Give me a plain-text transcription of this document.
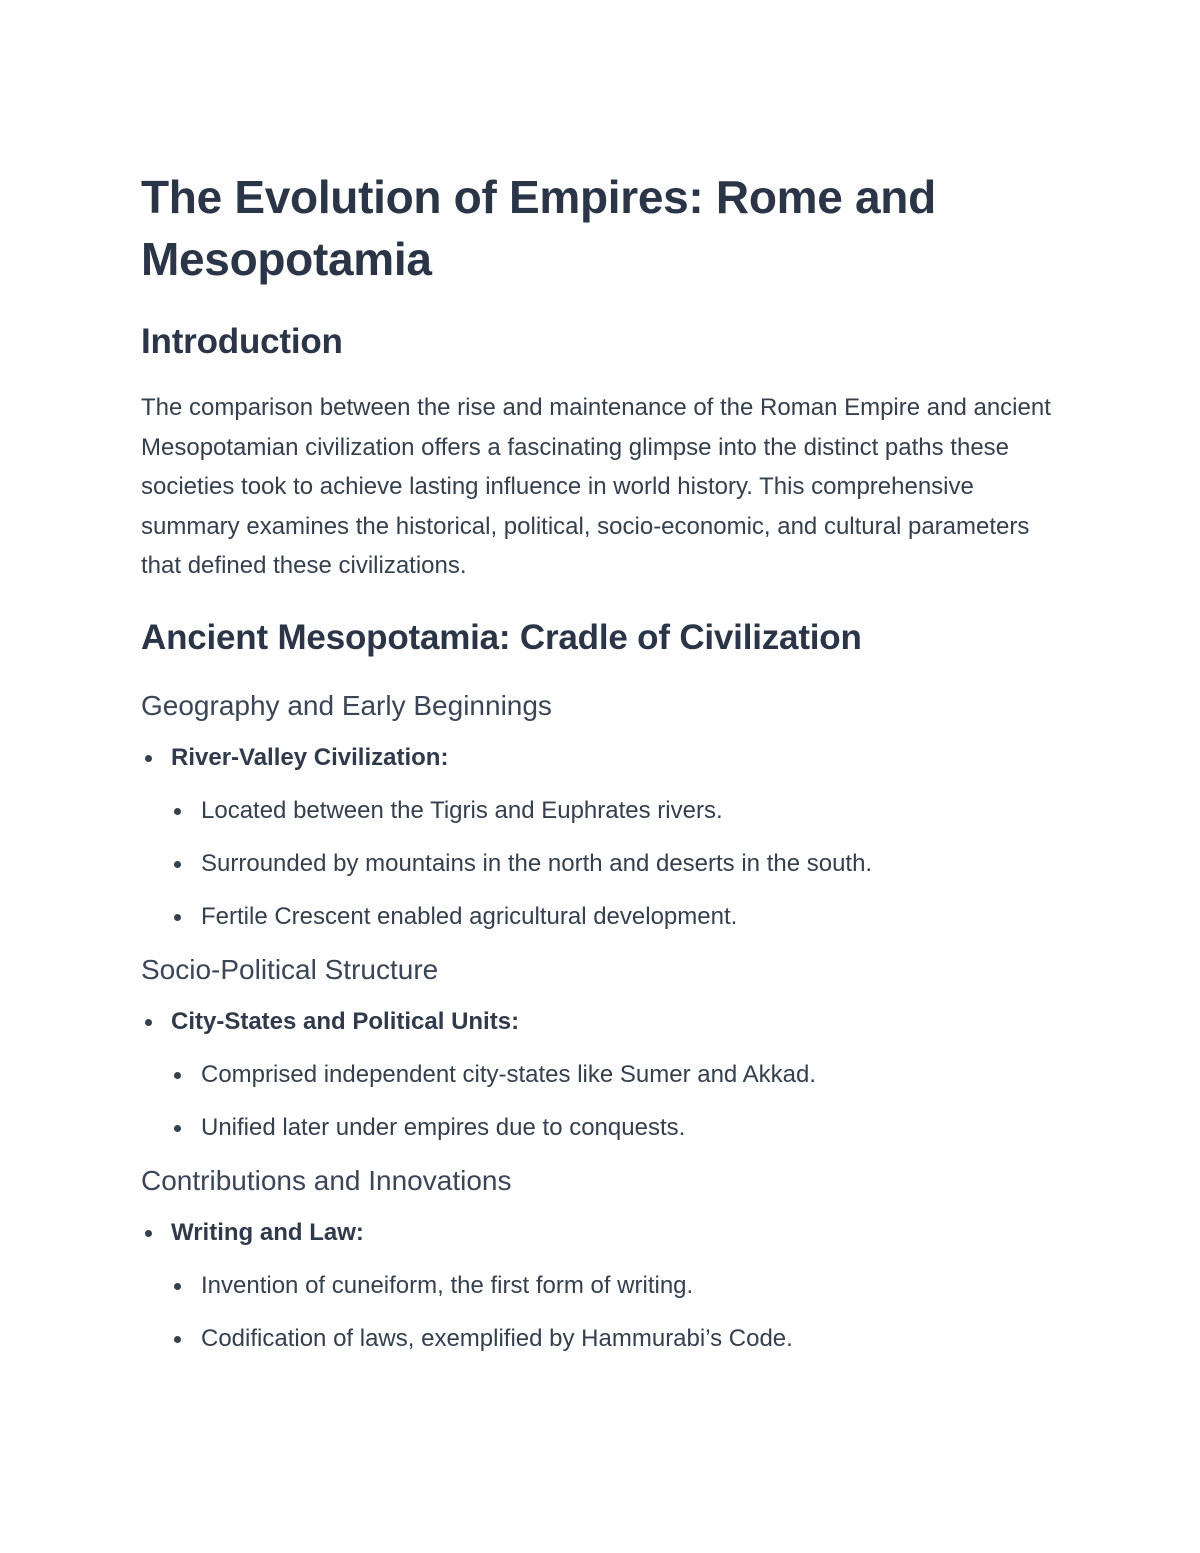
The Evolution of Empires: Rome and Mesopotamia
Introduction

The comparison between the rise and maintenance of the Roman Empire and ancient Mesopotamian civilization offers a fascinating glimpse into the distinct paths these societies took to achieve lasting influence in world history. This comprehensive summary examines the historical, political, socio-economic, and cultural parameters that defined these civilizations.

Ancient Mesopotamia: Cradle of Civilization
Geography and Early Beginnings
River-Valley Civilization:
Located between the Tigris and Euphrates rivers.
Surrounded by mountains in the north and deserts in the south.
Fertile Crescent enabled agricultural development.
Socio-Political Structure
City-States and Political Units:
Comprised independent city-states like Sumer and Akkad.
Unified later under empires due to conquests.
Contributions and Innovations
Writing and Law:
Invention of cuneiform, the first form of writing.
Codification of laws, exemplified by Hammurabi’s Code.
